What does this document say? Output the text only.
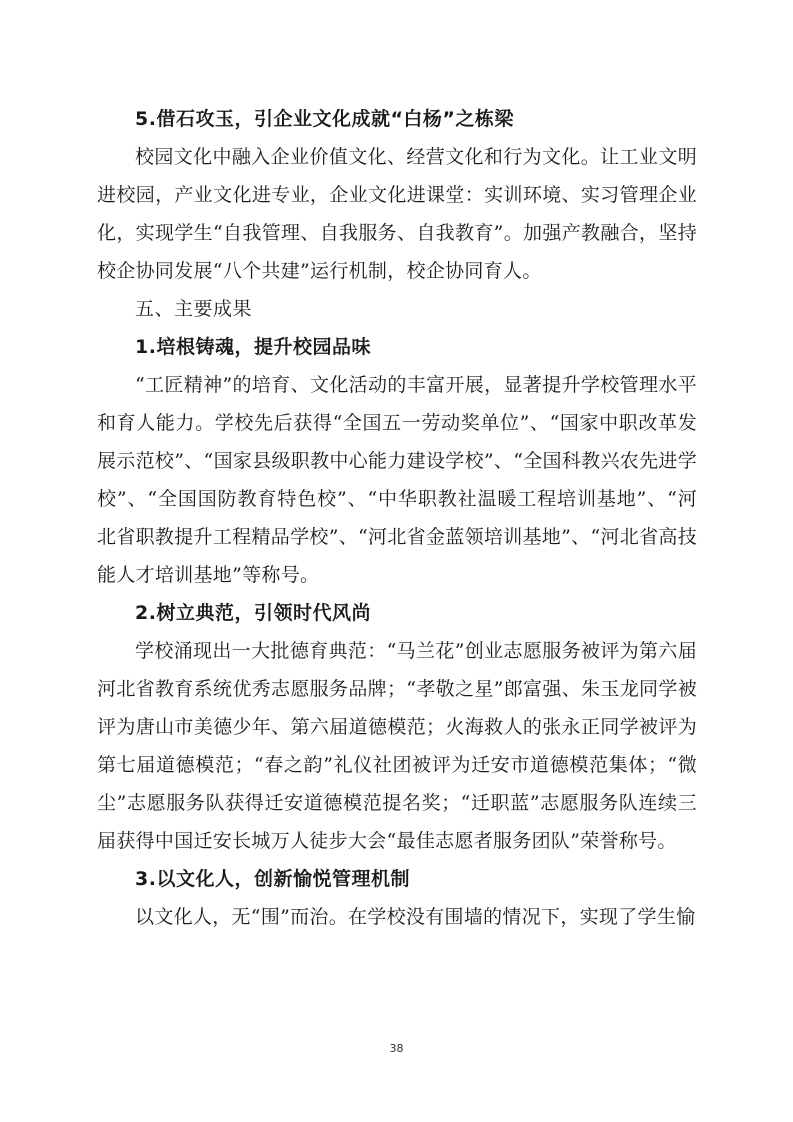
5.借石攻玉，引企业文化成就“白杨”之栋梁

校园文化中融入企业价值文化、经营文化和行为文化。让工业文明进校园，产业文化进专业，企业文化进课堂：实训环境、实习管理企业化，实现学生“自我管理、自我服务、自我教育”。加强产教融合，坚持校企协同发展“八个共建”运行机制，校企协同育人。

五、主要成果
1.培根铸魂，提升校园品味

“工匠精神”的培育、文化活动的丰富开展，显著提升学校管理水平和育人能力。学校先后获得“全国五一劳动奖单位”、“国家中职改革发展示范校”、“国家县级职教中心能力建设学校”、“全国科教兴农先进学校”、“全国国防教育特色校”、“中华职教社温暖工程培训基地”、“河北省职教提升工程精品学校”、“河北省金蓝领培训基地”、“河北省高技能人才培训基地”等称号。

2.树立典范，引领时代风尚

学校涌现出一大批德育典范：“马兰花”创业志愿服务被评为第六届河北省教育系统优秀志愿服务品牌；“孝敬之星”郎富强、朱玉龙同学被评为唐山市美德少年、第六届道德模范；火海救人的张永正同学被评为第七届道德模范；“春之韵”礼仪社团被评为迁安市道德模范集体；“微尘”志愿服务队获得迁安道德模范提名奖；“迁职蓝”志愿服务队连续三届获得中国迁安长城万人徒步大会“最佳志愿者服务团队”荣誉称号。

3.以文化人，创新愉悦管理机制

以文化人，无“围”而治。在学校没有围墙的情况下，实现了学生愉

38
